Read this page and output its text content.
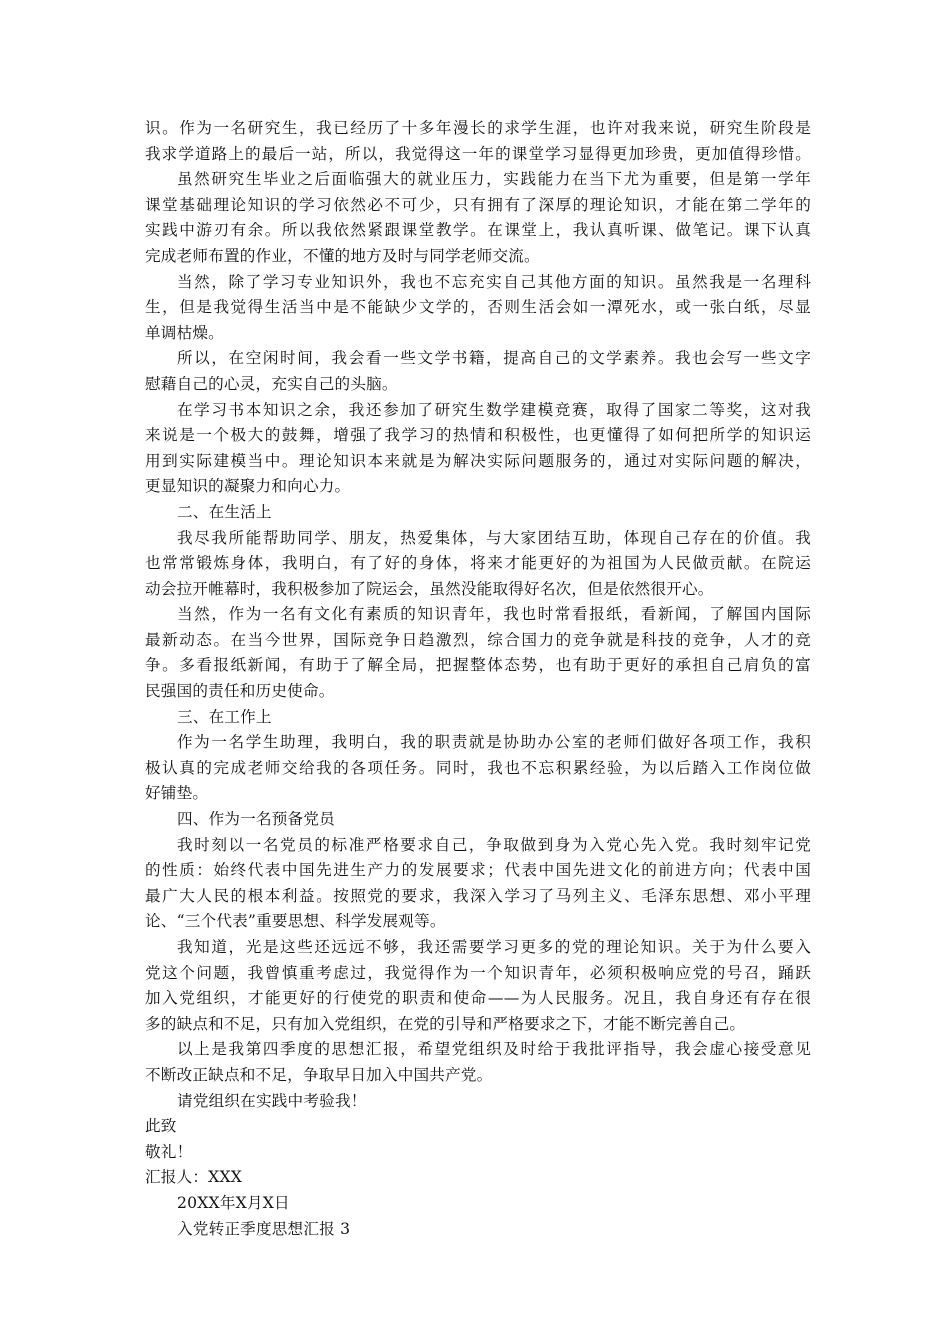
识。作为一名研究生，我已经历了十多年漫长的求学生涯，也许对我来说，研究生阶段是
我求学道路上的最后一站，所以，我觉得这一年的课堂学习显得更加珍贵，更加值得珍惜。
虽然研究生毕业之后面临强大的就业压力，实践能力在当下尤为重要，但是第一学年
课堂基础理论知识的学习依然必不可少，只有拥有了深厚的理论知识，才能在第二学年的
实践中游刃有余。所以我依然紧跟课堂教学。在课堂上，我认真听课、做笔记。课下认真
完成老师布置的作业，不懂的地方及时与同学老师交流。
当然，除了学习专业知识外，我也不忘充实自己其他方面的知识。虽然我是一名理科
生，但是我觉得生活当中是不能缺少文学的，否则生活会如一潭死水，或一张白纸，尽显
单调枯燥。
所以，在空闲时间，我会看一些文学书籍，提高自己的文学素养。我也会写一些文字
慰藉自己的心灵，充实自己的头脑。
在学习书本知识之余，我还参加了研究生数学建模竞赛，取得了国家二等奖，这对我
来说是一个极大的鼓舞，增强了我学习的热情和积极性，也更懂得了如何把所学的知识运
用到实际建模当中。理论知识本来就是为解决实际问题服务的，通过对实际问题的解决，
更显知识的凝聚力和向心力。
二、在生活上
我尽我所能帮助同学、朋友，热爱集体，与大家团结互助，体现自己存在的价值。我
也常常锻炼身体，我明白，有了好的身体，将来才能更好的为祖国为人民做贡献。在院运
动会拉开帷幕时，我积极参加了院运会，虽然没能取得好名次，但是依然很开心。
当然，作为一名有文化有素质的知识青年，我也时常看报纸，看新闻，了解国内国际
最新动态。在当今世界，国际竞争日趋激烈，综合国力的竞争就是科技的竞争，人才的竞
争。多看报纸新闻，有助于了解全局，把握整体态势，也有助于更好的承担自己肩负的富
民强国的责任和历史使命。
三、在工作上
作为一名学生助理，我明白，我的职责就是协助办公室的老师们做好各项工作，我积
极认真的完成老师交给我的各项任务。同时，我也不忘积累经验，为以后踏入工作岗位做
好铺垫。
四、作为一名预备党员
我时刻以一名党员的标准严格要求自己，争取做到身为入党心先入党。我时刻牢记党
的性质：始终代表中国先进生产力的发展要求；代表中国先进文化的前进方向；代表中国
最广大人民的根本利益。按照党的要求，我深入学习了马列主义、毛泽东思想、邓小平理
论、“三个代表”重要思想、科学发展观等。
我知道，光是这些还远远不够，我还需要学习更多的党的理论知识。关于为什么要入
党这个问题，我曾慎重考虑过，我觉得作为一个知识青年，必须积极响应党的号召，踊跃
加入党组织，才能更好的行使党的职责和使命——为人民服务。况且，我自身还有存在很
多的缺点和不足，只有加入党组织，在党的引导和严格要求之下，才能不断完善自己。
以上是我第四季度的思想汇报，希望党组织及时给于我批评指导，我会虚心接受意见
不断改正缺点和不足，争取早日加入中国共产党。
请党组织在实践中考验我！
此致
敬礼！
汇报人：XXX
20XX年X月X日
入党转正季度思想汇报 3
